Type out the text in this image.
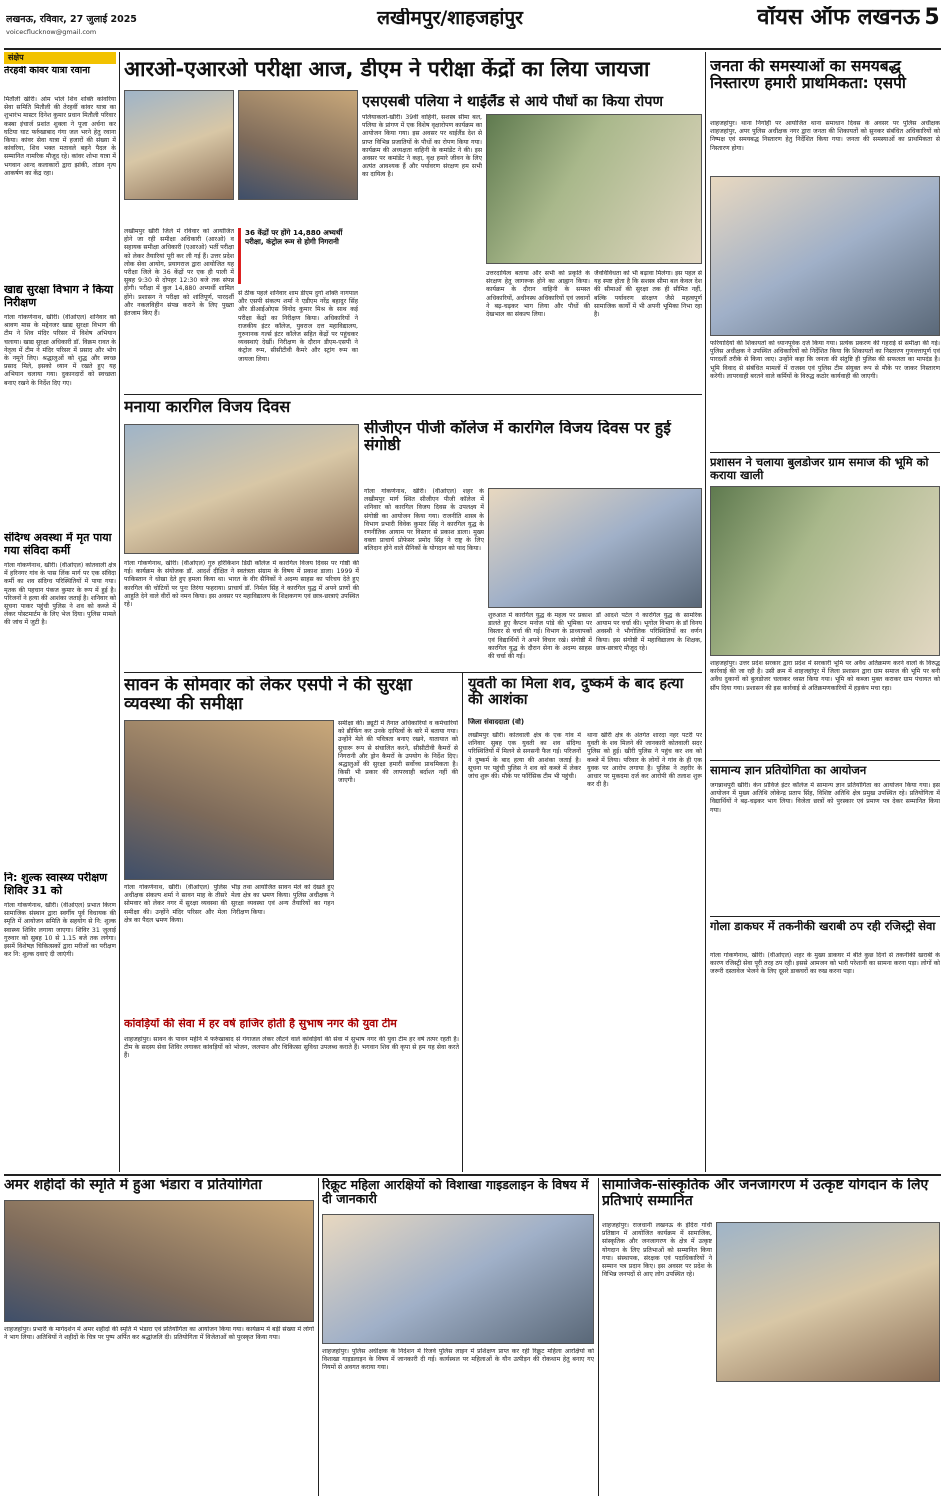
लखनऊ, रविवार, 27 जुलाई 2025
voicecflucknow@gmail.com
लखीमपुर/शाहजहांपुर	वॉयस ऑफ लखनऊ 5
संक्षेप
तेरहवीं कांवर यात्रा रवाना
मितौली खीरी। ओम भोले शिव शक्ति कांवरिया सेवा समिति मितौली की तेरहवीं कांवर यात्रा का शुभारंभ मास्टर दिनेश कुमार प्रधान मितौली परिवार कस्बा इंचार्ज प्रशांत शुक्ला ने पूजा अर्चना कर घटिया घाट फर्रुखाबाद गंगा जल भरने हेतु रवाना किया। कांवर सेवा यात्रा में हजारों की संख्या में कांवरिया, शिव भक्त मतावले बहने पैदल के सम्मानित नामरिक मौजूद रहे। कांवर शोभा यात्रा में भगवान आन्द कलाकारों द्वारा झांकी, तांडव नृत्य आकर्षण का केंद्र रहा।
खाद्य सुरक्षा विभाग ने किया निरीक्षण
गोला गोकर्णनाथ, खीरी। (वीओएल) शनिवार को श्रावण मास के मद्देनजर खाद्य सुरक्षा विभाग की टीम ने शिव मंदिर परिसर में विशेष अभियान चलाया। खाद्य सुरक्षा अधिकारी डॉ. विक्रम रावत के नेतृत्व में टीम ने मंदिर परिसर में प्रसाद और भोग के नमूने लिए। श्रद्धालुओं को शुद्ध और स्वच्छ प्रसाद मिले, इसको ध्यान में रखते हुए यह अभियान चलाया गया। दुकानदारों को स्वच्छता बनाए रखने के निर्देश दिए गए।
संदिग्ध अवस्था में मृत पाया गया संविदा कर्मी
गोला गोकर्णनाथ, खीरी। (वीओएल) कोतवाली क्षेत्र में हरिनगर गांव के पास लिंक मार्ग पर एक संविदा कर्मी का शव संदिग्ध परिस्थितियों में पाया गया। मृतक की पहचान पंकज कुमार के रूप में हुई है। परिजनों ने हत्या की आशंका जताई है। शनिवार को सूचना पाकर पहुंची पुलिस ने शव को कब्जे में लेकर पोस्टमार्टम के लिए भेज दिया। पुलिस मामले की जांच में जुटी है।
नि: शुल्क स्वास्थ्य परीक्षण शिविर 31 को
गोला गोकर्णनाथ, खीरी। (वीओएल) प्रभात किरण सामाजिक संस्थान द्वारा स्वर्गीय पूर्व विधायक की स्मृति में आयोजन समिति के सहयोग से नि: शुल्क स्वास्थ्य शिविर लगाया जाएगा। शिविर 31 जुलाई गुरुवार को सुबह 10 से 1.15 बजे तक लगेगा। इसमें विशेषज्ञ चिकित्सकों द्वारा मरीजों का परीक्षण कर नि: शुल्क दवाएं दी जाएंगी।
आरओ-एआरओ परीक्षा आज, डीएम ने परीक्षा केंद्रों का लिया जायजा
लखीमपुर खीरी जिले में रविवार को आयोजित होने जा रही समीक्षा अधिकारी (आरओ) व सहायक समीक्षा अधिकारी (एआरओ) भर्ती परीक्षा को लेकर तैयारियां पूरी कर ली गई हैं। उत्तर प्रदेश लोक सेवा आयोग, प्रयागराज द्वारा आयोजित यह परीक्षा जिले के 36 केंद्रों पर एक ही पाली में सुबह 9:30 से दोपहर 12:30 बजे तक संपन्न होगी। परीक्षा में कुल 14,880 अभ्यर्थी शामिल होंगे। प्रशासन ने परीक्षा को शांतिपूर्ण, पारदर्शी और नकलविहीन संपन्न कराने के लिए पुख्ता इंतजाम किए हैं।
36 केंद्रों पर होंगे 14,880 अभ्यर्थी परीक्षा, कंट्रोल रूम से होगी निगरानी
से ठीक पहले शनिवार शाम डीएम दुर्गा शक्ति नागपाल और एसपी संकल्प शर्मा ने एडीएम नरेंद्र बहादुर सिंह और डीआईओएस विनोद कुमार मिश्र के साथ कई परीक्षा केंद्रों का निरीक्षण किया। अधिकारियों ने राजकीय इंटर कॉलेज, युवराज दत्त महाविद्यालय, गुरुनानक गर्ल्स इंटर कॉलेज सहित केंद्रों पर पहुंचकर व्यवस्थाएं देखीं। निरीक्षण के दौरान डीएम-एसपी ने कंट्रोल रूम, सीसीटीवी कैमरे और स्ट्रांग रूम का जायजा लिया।
एसएसबी पलिया ने थाईलैंड से आये पौधों का किया रोपण
पलियाकलां-खीरी। 39वीं वाहिनी, सशस्त्र सीमा बल, पलिया के प्रांगण में एक विशेष वृक्षारोपण कार्यक्रम का आयोजन किया गया। इस अवसर पर थाईलैंड देश से प्राप्त विभिन्न प्रजातियों के पौधों का रोपण किया गया। कार्यक्रम की अध्यक्षता वाहिनी के कमांडेंट ने की। इस अवसर पर कमांडेंट ने कहा, वृक्ष हमारे जीवन के लिए अत्यंत आवश्यक हैं और पर्यावरण संरक्षण हम सभी का दायित्व है।
उत्तरदायित्व बताया और सभी को प्रकृति के संरक्षण हेतु जागरूक होने का आह्वान किया। कार्यक्रम के दौरान वाहिनी के समस्त अधिकारियों, अधीनस्थ अधिकारियों एवं जवानों ने बढ़-चढ़कर भाग लिया और पौधों की देखभाल का संकल्प लिया।
जैवविविधता को भी बढ़ावा मिलेगा। इस पहल से यह स्पष्ट होता है कि सशस्त्र सीमा बल केवल देश की सीमाओं की सुरक्षा तक ही सीमित नहीं, बल्कि पर्यावरण संरक्षण जैसे महत्वपूर्ण सामाजिक कार्यों में भी अपनी भूमिका निभा रहा है।
जनता की समस्याओं का समयबद्ध निस्तारण हमारी प्राथमिकता: एसपी
शाहजहांपुर। थाना निगोही पर आयोजित थाना समाधान दिवस के अवसर पर पुलिस अधीक्षक शाहजहांपुर, अपर पुलिस अधीक्षक नगर द्वारा जनता की शिकायतों को सुनकर संबंधित अधिकारियों को निष्पक्ष एवं समयबद्ध निस्तारण हेतु निर्देशित किया गया। जनता की समस्याओं का प्राथमिकता से निस्तारण होगा।
फरियादियों की शिकायतों को ध्यानपूर्वक दर्ज किया गया। प्रत्येक प्रकरण की गहराई से समीक्षा की गई। पुलिस अधीक्षक ने उपस्थित अधिकारियों को निर्देशित किया कि शिकायतों का निस्तारण गुणवत्तापूर्ण एवं पारदर्शी तरीके से किया जाए। उन्होंने कहा कि जनता की संतुष्टि ही पुलिस की सफलता का मापदंड है। भूमि विवाद से संबंधित मामलों में राजस्व एवं पुलिस टीम संयुक्त रूप से मौके पर जाकर निस्तारण करेगी। लापरवाही बरतने वाले कर्मियों के विरुद्ध कठोर कार्यवाही की जाएगी।
मनाया कारगिल विजय दिवस
गोला गोकर्णनाथ, खीरी। (वीओएल) गुरु हरिकिशन डिग्री कॉलेज में कारगिल विजय दिवस पर गोष्ठी की गई। कार्यक्रम के संयोजक डॉ. आदर्श दीक्षित ने स्वतंत्रता संग्राम के विषय में प्रकाश डाला। 1999 में पाकिस्तान ने धोखा देते हुए हमला किया था। भारत के वीर सैनिकों ने अदम्य साहस का परिचय देते हुए कारगिल की चोटियों पर पुनः तिरंगा फहराया। प्राचार्य डॉ. निर्मल सिंह ने कारगिल युद्ध में अपने प्राणों की आहुति देने वाले वीरों को नमन किया। इस अवसर पर महाविद्यालय के शिक्षकगण एवं छात्र-छात्राएं उपस्थित रहे।
सीजीएन पीजी कॉलेज में कारगिल विजय दिवस पर हुई संगोष्ठी
गोला गोकर्णनाथ, खीरी। (वीओएल) शहर के लखीमपुर मार्ग स्थित सीजीएन पीजी कॉलेज में शनिवार को कारगिल विजय दिवस के उपलक्ष्य में संगोष्ठी का आयोजन किया गया। राजनीति शास्त्र के विभाग प्रभारी विवेक कुमार सिंह ने कारगिल युद्ध के रणनीतिक आयाम पर विस्तार से प्रकाश डाला। मुख्य वक्ता प्राचार्य प्रोफेसर प्रमोद सिंह ने राष्ट्र के लिए बलिदान होने वाले सैनिकों के योगदान को याद किया।
शुरुआत में कारगिल युद्ध के महत्व पर प्रकाश डालते हुए कैप्टन मनोज पांडे की भूमिका पर विस्तार से चर्चा की गई। विभाग के प्राध्यापकों एवं विद्यार्थियों ने अपने विचार रखे। संगोष्ठी में कारगिल युद्ध के दौरान सेना के अदम्य साहस की चर्चा की गई।
डॉ आदर्श पटेल ने कारगिल युद्ध के सामरिक आयाम पर चर्चा की। भूगोल विभाग के डॉ विनय अवस्थी ने भौगोलिक परिस्थितियों का वर्णन किया। इस संगोष्ठी में महाविद्यालय के शिक्षक, छात्र-छात्राएं मौजूद रहे।
सावन के सोमवार को लेकर एसपी ने की सुरक्षा व्यवस्था की समीक्षा
गोला गोकर्णनाथ, खीरी। (वीओएल) पुलिस अधीक्षक संकल्प शर्मा ने सावन माह के तीसरे सोमवार को लेकर नगर में सुरक्षा व्यवस्था की समीक्षा की। उन्होंने मंदिर परिसर और मेला क्षेत्र का पैदल भ्रमण किया।
भीड़ तथा आयोजित सावन मेले को देखते हुए मेला क्षेत्र का भ्रमण किया। पुलिस अधीक्षक ने सुरक्षा व्यवस्था एवं अन्य तैयारियों का गहन निरीक्षण किया।
समीक्षा की। ड्यूटी में तैनात अधिकारियों व कर्मचारियों को ब्रीफिंग कर उनके दायित्वों के बारे में बताया गया। उन्होंने मेले की पवित्रता बनाए रखने, यातायात को सुचारू रूप से संचालित करने, सीसीटीवी कैमरों से निगरानी और ड्रोन कैमरों के उपयोग के निर्देश दिए। श्रद्धालुओं की सुरक्षा हमारी सर्वोच्च प्राथमिकता है। किसी भी प्रकार की लापरवाही बर्दाश्त नहीं की जाएगी।
कांवड़ियों की सेवा में हर वर्ष हाजिर होती है सुभाष नगर की युवा टीम
शाहजहांपुर। सावन के पावन महीने में फर्रुखाबाद से गंगाजल लेकर लौटने वाले कांवड़ियों की सेवा में सुभाष नगर की युवा टीम हर वर्ष तत्पर रहती है। टीम के सदस्य सेवा शिविर लगाकर कांवड़ियों को भोजन, जलपान और चिकित्सा सुविधा उपलब्ध कराते हैं। भगवान शिव की कृपा से हम यह सेवा करते हैं।
युवती का मिला शव, दुष्कर्म के बाद हत्या की आशंका
जिला संवाददाता (वो)
लखीमपुर खीरी। कोतवाली क्षेत्र के एक गांव में शनिवार सुबह एक युवती का शव संदिग्ध परिस्थितियों में मिलने से सनसनी फैल गई। परिजनों ने दुष्कर्म के बाद हत्या की आशंका जताई है। सूचना पर पहुंची पुलिस ने शव को कब्जे में लेकर जांच शुरू की। मौके पर फॉरेंसिक टीम भी पहुंची।
थाना खीरी क्षेत्र के अंतर्गत शारदा नहर पटरी पर युवती के शव मिलने की जानकारी कोतवाली सदर पुलिस को हुई। खीरी पुलिस ने पहुंच कर शव को कब्जे में लिया। परिवार के लोगों ने गांव के ही एक युवक पर आरोप लगाया है। पुलिस ने तहरीर के आधार पर मुकदमा दर्ज कर आरोपी की तलाश शुरू कर दी है।
प्रशासन ने चलाया बुलडोजर ग्राम समाज की भूमि को कराया खाली
शाहजहांपुर। उत्तर प्रदेश सरकार द्वारा प्रदेश में सरकारी भूमि पर अवैध अतिक्रमण करने वालों के विरुद्ध कार्रवाई की जा रही है। उसी क्रम में शाहजहांपुर में जिला प्रशासन द्वारा ग्राम समाज की भूमि पर बनी अवैध दुकानों को बुलडोजर चलाकर ध्वस्त किया गया। भूमि को कब्जा मुक्त कराकर ग्राम पंचायत को सौंप दिया गया। प्रशासन की इस कार्रवाई से अतिक्रमणकारियों में हड़कंप मचा रहा।
सामान्य ज्ञान प्रतियोगिता का आयोजन
जगन्नाथपुरी खीरी। केन प्रोविजे इंटर कॉलेज में सामान्य ज्ञान प्रतियोगिता का आयोजन किया गया। इस आयोजन में मुख्य अतिथि लोकेन्द्र प्रताप सिंह, विशिष्ट अतिथि क्षेत्र प्रमुख उपस्थित रहे। प्रतियोगिता में विद्यार्थियों ने बढ़-चढ़कर भाग लिया। विजेता छात्रों को पुरस्कार एवं प्रमाण पत्र देकर सम्मानित किया गया।
गोला डाकघर में तकनीकी खराबी ठप रही रजिस्ट्री सेवा
गोला गोकर्णनाथ, खीरी। (वीओएल) शहर के मुख्य डाकघर में बीते कुछ दिनों से तकनीकी खराबी के कारण रजिस्ट्री सेवा पूरी तरह ठप रही। इससे आमजन को भारी परेशानी का सामना करना पड़ा। लोगों को जरूरी दस्तावेज भेजने के लिए दूसरे डाकघरों का रुख करना पड़ा।
अमर शहीदों की स्मृति में हुआ भंडारा व प्रतियोगिता
शाहजहांपुर। प्रभारी के मार्गदर्शन में अमर शहीदों की स्मृति में भंडारा एवं प्रतियोगिता का आयोजन किया गया। कार्यक्रम में बड़ी संख्या में लोगों ने भाग लिया। अतिथियों ने शहीदों के चित्र पर पुष्प अर्पित कर श्रद्धांजलि दी। प्रतियोगिता में विजेताओं को पुरस्कृत किया गया।
रिक्रूट महिला आरक्षियों को विशाखा गाइडलाइन के विषय में दी जानकारी
शाहजहांपुर। पुलिस अधीक्षक के निर्देशन में रिजर्व पुलिस लाइन में प्रशिक्षण प्राप्त कर रही रिक्रूट महिला आरक्षियों को विशाखा गाइडलाइन के विषय में जानकारी दी गई। कार्यस्थल पर महिलाओं के यौन उत्पीड़न की रोकथाम हेतु बनाए गए नियमों से अवगत कराया गया।
सामाजिक-सांस्कृतिक और जनजागरण में उत्कृष्ट योगदान के लिए प्रतिभाएं सम्मानित
शाहजहांपुर। राजधानी लखनऊ के इंदिरा गांधी प्रतिष्ठान में आयोजित कार्यक्रम में सामाजिक, सांस्कृतिक और जनजागरण के क्षेत्र में उत्कृष्ट योगदान के लिए प्रतिभाओं को सम्मानित किया गया। संस्थापक, संरक्षक एवं पदाधिकारियों ने सम्मान पत्र प्रदान किए। इस अवसर पर प्रदेश के विभिन्न जनपदों से आए लोग उपस्थित रहे।
